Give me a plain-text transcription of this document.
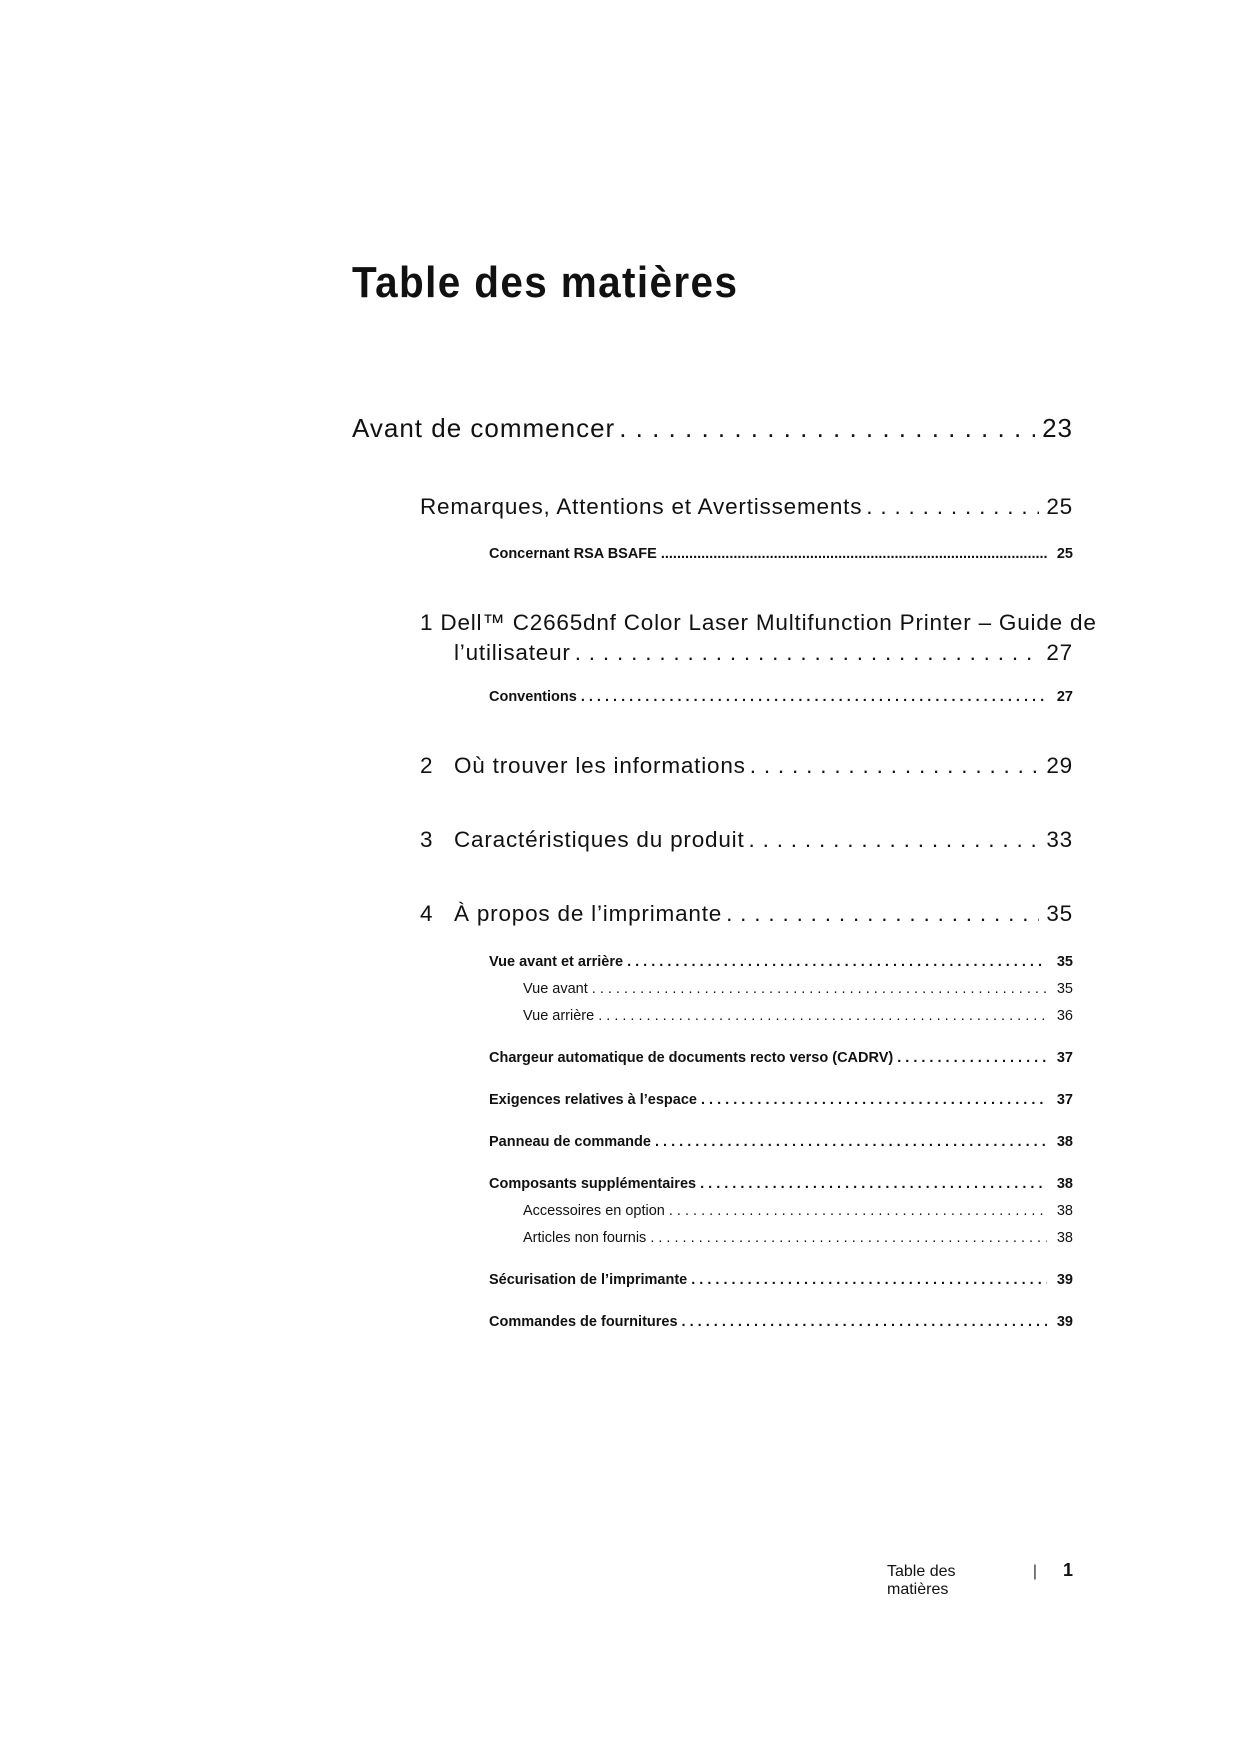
Table des matières
Avant de commencer . . .	23
Remarques, Attentions et Avertissements . . .	25
Concernant RSA BSAFE .....	25
1 Dell™ C2665dnf Color Laser Multifunction Printer – Guide de
l’utilisateur . . .	27
Conventions . . .	27
2 Où trouver les informations . . .	29
3 Caractéristiques du produit . . .	33
4 À propos de l’imprimante . . .	35
Vue avant et arrière . . .	35
Vue avant . . .	35
Vue arrière . . .	36
Chargeur automatique de documents recto verso (CADRV) . . .	37
Exigences relatives à l’espace . . .	37
Panneau de commande . . .	38
Composants supplémentaires . . .	38
Accessoires en option . . .	38
Articles non fournis . . .	38
Sécurisation de l’imprimante . . .	39
Commandes de fournitures . . .	39
Table des matières
| 1
